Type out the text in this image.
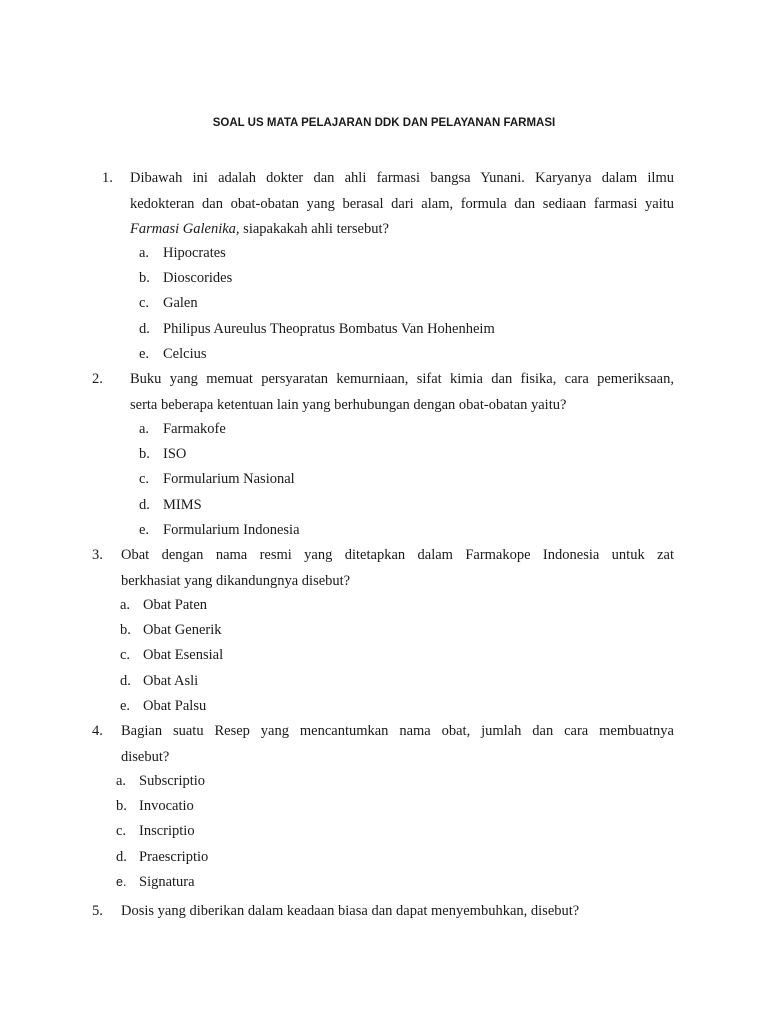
SOAL US MATA PELAJARAN DDK DAN PELAYANAN FARMASI
1. Dibawah ini adalah dokter dan ahli farmasi bangsa Yunani. Karyanya dalam ilmu
kedokteran dan obat-obatan yang berasal dari alam, formula dan sediaan farmasi yaitu
Farmasi Galenika, siapakakah ahli tersebut?
a. Hipocrates
b. Dioscorides
c. Galen
d. Philipus Aureulus Theopratus Bombatus Van Hohenheim
e. Celcius
2. Buku yang memuat persyaratan kemurniaan, sifat kimia dan fisika, cara pemeriksaan,
serta beberapa ketentuan lain yang berhubungan dengan obat-obatan yaitu?
a. Farmakofe
b. ISO
c. Formularium Nasional
d. MIMS
e. Formularium Indonesia
3. Obat dengan nama resmi yang ditetapkan dalam Farmakope Indonesia untuk zat
berkhasiat yang dikandungnya disebut?
a. Obat Paten
b. Obat Generik
c. Obat Esensial
d. Obat Asli
e. Obat Palsu
4. Bagian suatu Resep yang mencantumkan nama obat, jumlah dan cara membuatnya
disebut?
a. Subscriptio
b. Invocatio
c. Inscriptio
d. Praescriptio
e. Signatura
5. Dosis yang diberikan dalam keadaan biasa dan dapat menyembuhkan, disebut?
